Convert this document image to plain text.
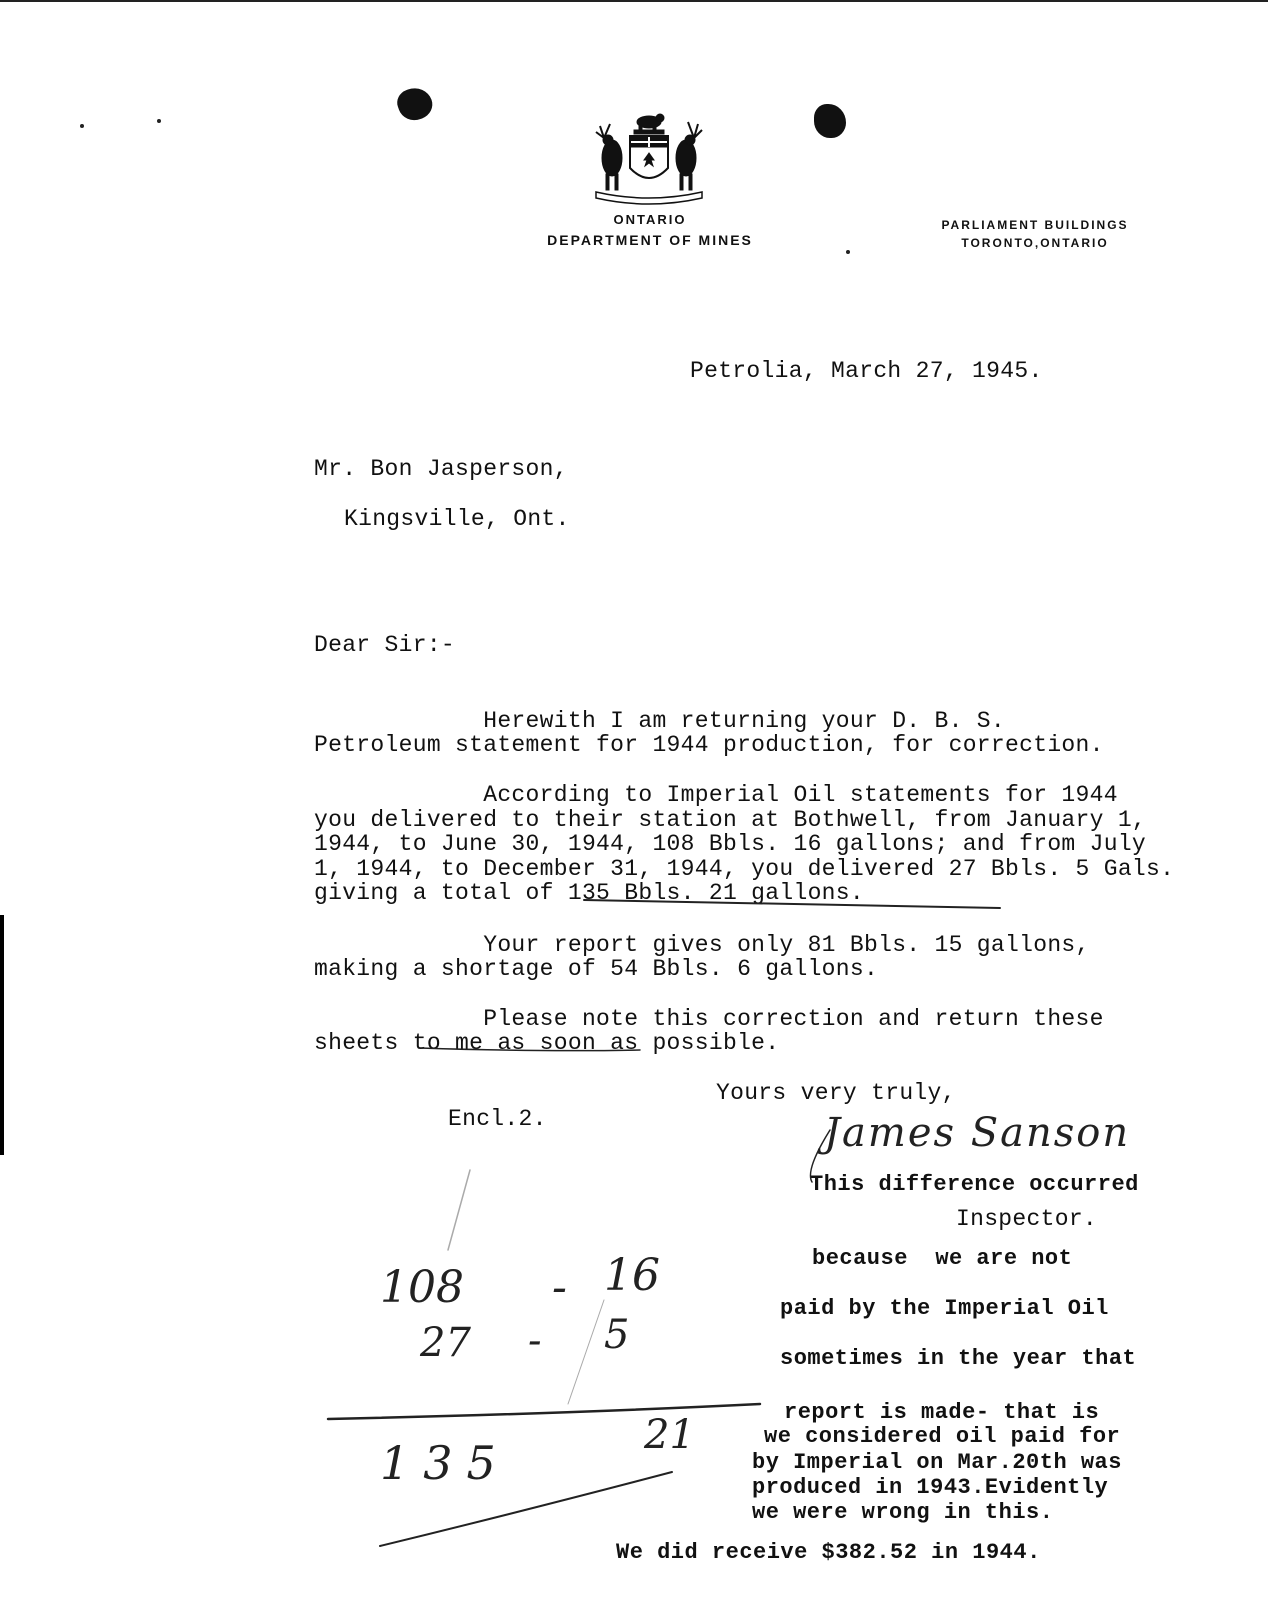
ONTARIO
DEPARTMENT OF MINES
PARLIAMENT BUILDINGS
TORONTO,ONTARIO
Petrolia, March 27, 1945.
Mr. Bon Jasperson,
Kingsville, Ont.
Dear Sir:-
Herewith I am returning your D. B. S.
Petroleum statement for 1944 production, for correction.
According to Imperial Oil statements for 1944
you delivered to their station at Bothwell, from January 1,
1944, to June 30, 1944, 108 Bbls. 16 gallons; and from July
1, 1944, to December 31, 1944, you delivered 27 Bbls. 5 Gals.
giving a total of 135 Bbls. 21 gallons.
Your report gives only 81 Bbls. 15 gallons,
making a shortage of 54 Bbls. 6 gallons.
Please note this correction and return these
sheets to me as soon as possible.
Yours very truly,
Encl.2.	James Sanson
Inspector.
This difference occurred
because  we are not
paid by the Imperial Oil
sometimes in the year that
report is made- that is
we considered oil paid for
by Imperial on Mar.20th was
produced in 1943.Evidently
we were wrong in this.
We did receive $382.52 in 1944.
108 - 16
27 - 5
135
21
